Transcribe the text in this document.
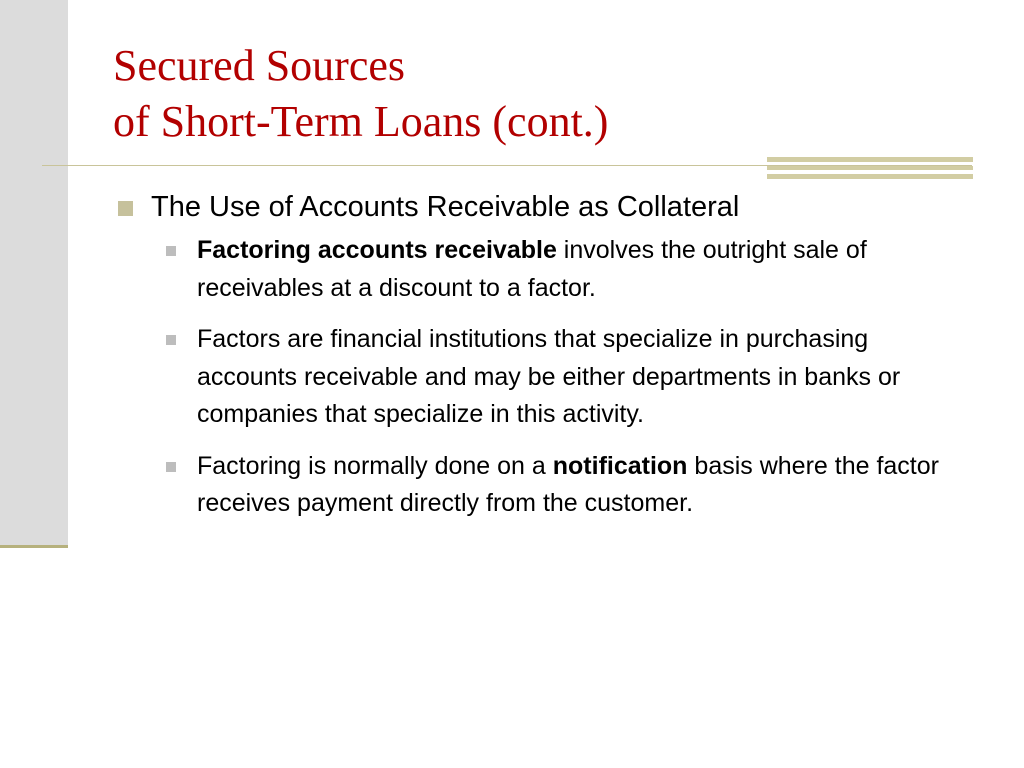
Secured Sources
of Short-Term Loans (cont.)
The Use of Accounts Receivable as Collateral
Factoring accounts receivable involves the outright sale of receivables at a discount to a factor.
Factors are financial institutions that specialize in purchasing accounts receivable and may be either departments in banks or companies that specialize in this activity.
Factoring is normally done on a notification basis where the factor receives payment directly from the customer.
